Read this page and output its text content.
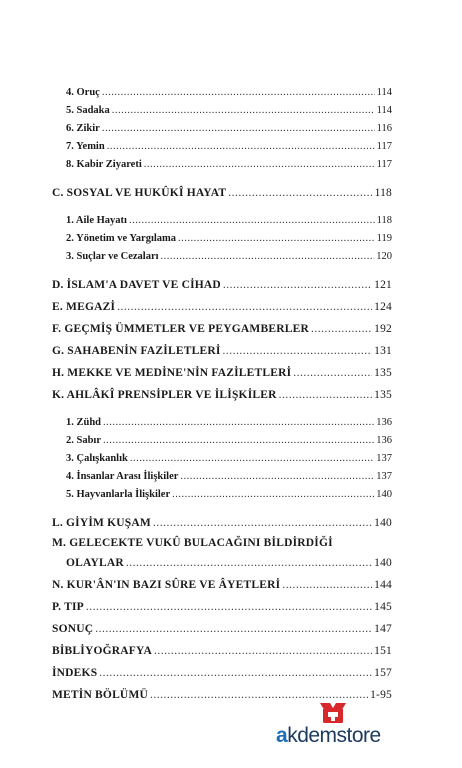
4. Oruç .....	114
5. Sadaka .....	114
6. Zikir .....	116
7. Yemin .....	117
8. Kabir Ziyareti .....	117
C. SOSYAL VE HUKÛKÎ HAYAT .....	118
1. Aile Hayatı .....	118
2. Yönetim ve Yargılama .....	119
3. Suçlar ve Cezaları .....	120
D. İSLAM'A DAVET VE CİHAD .....	121
E. MEGAZİ .....	124
F. GEÇMİŞ ÜMMETLER VE PEYGAMBERLER .....	192
G. SAHABENİN FAZİLETLERİ .....	131
H. MEKKE VE MEDİNE'NİN FAZİLETLERİ .....	135
K. AHLÂKÎ PRENSİPLER VE İLİŞKİLER .....	135
1. Zühd .....	136
2. Sabır .....	136
3. Çalışkanlık .....	137
4. İnsanlar Arası İlişkiler .....	137
5. Hayvanlarla İlişkiler .....	140
L. GİYİM KUŞAM .....	140
M. GELECEKTE VUKÛ BULACAĞINI BİLDİRDİĞİ
OLAYLAR .....	140
N. KUR'ÂN'IN BAZI SÛRE VE ÂYETLERİ .....	144
P. TIP .....	145
SONUÇ .....	147
BİBLİYOĞRAFYA .....	151
İNDEKS .....	157
METİN BÖLÜMÜ .....	1-95
akdemstore
